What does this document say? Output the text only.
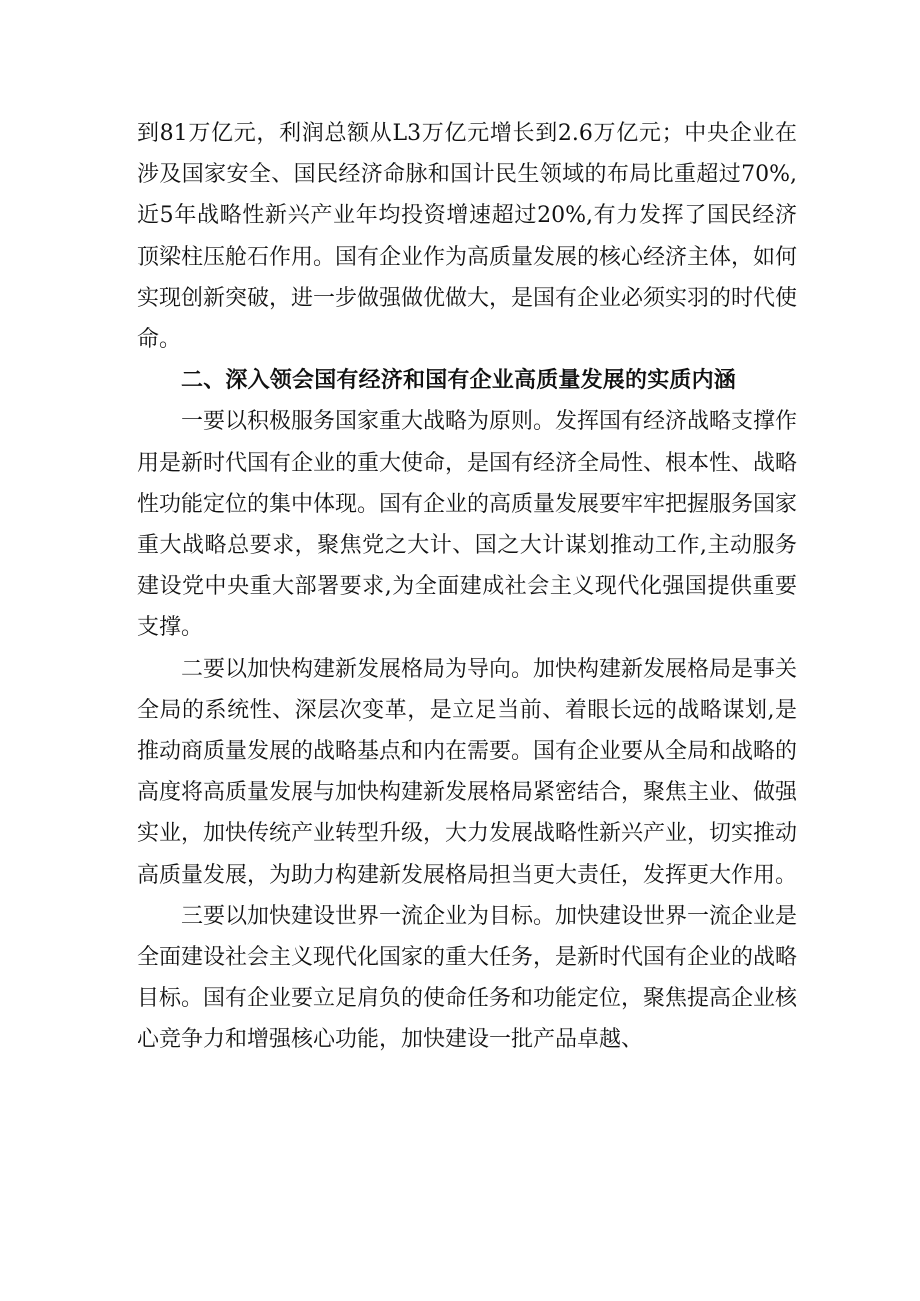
到81万亿元，利润总额从L3万亿元增长到2.6万亿元；中央企业在涉及国家安全、国民经济命脉和国计民生领域的布局比重超过70%,近5年战略性新兴产业年均投资增速超过20%,有力发挥了国民经济顶梁柱压舱石作用。国有企业作为高质量发展的核心经济主体，如何实现创新突破，进一步做强做优做大，是国有企业必须实羽的时代使命。

二、深入领会国有经济和国有企业高质量发展的实质内涵

一要以积极服务国家重大战略为原则。发挥国有经济战略支撑作用是新时代国有企业的重大使命，是国有经济全局性、根本性、战略性功能定位的集中体现。国有企业的高质量发展要牢牢把握服务国家重大战略总要求，聚焦党之大计、国之大计谋划推动工作,主动服务建设党中央重大部署要求,为全面建成社会主义现代化强国提供重要支撑。

二要以加快构建新发展格局为导向。加快构建新发展格局是事关全局的系统性、深层次变革，是立足当前、着眼长远的战略谋划,是推动商质量发展的战略基点和内在需要。国有企业要从全局和战略的高度将高质量发展与加快构建新发展格局紧密结合，聚焦主业、做强实业，加快传统产业转型升级，大力发展战略性新兴产业，切实推动高质量发展，为助力构建新发展格局担当更大责任，发挥更大作用。

三要以加快建设世界一流企业为目标。加快建设世界一流企业是全面建设社会主义现代化国家的重大任务，是新时代国有企业的战略目标。国有企业要立足肩负的使命任务和功能定位，聚焦提高企业核心竞争力和增强核心功能，加快建设一批产品卓越、
